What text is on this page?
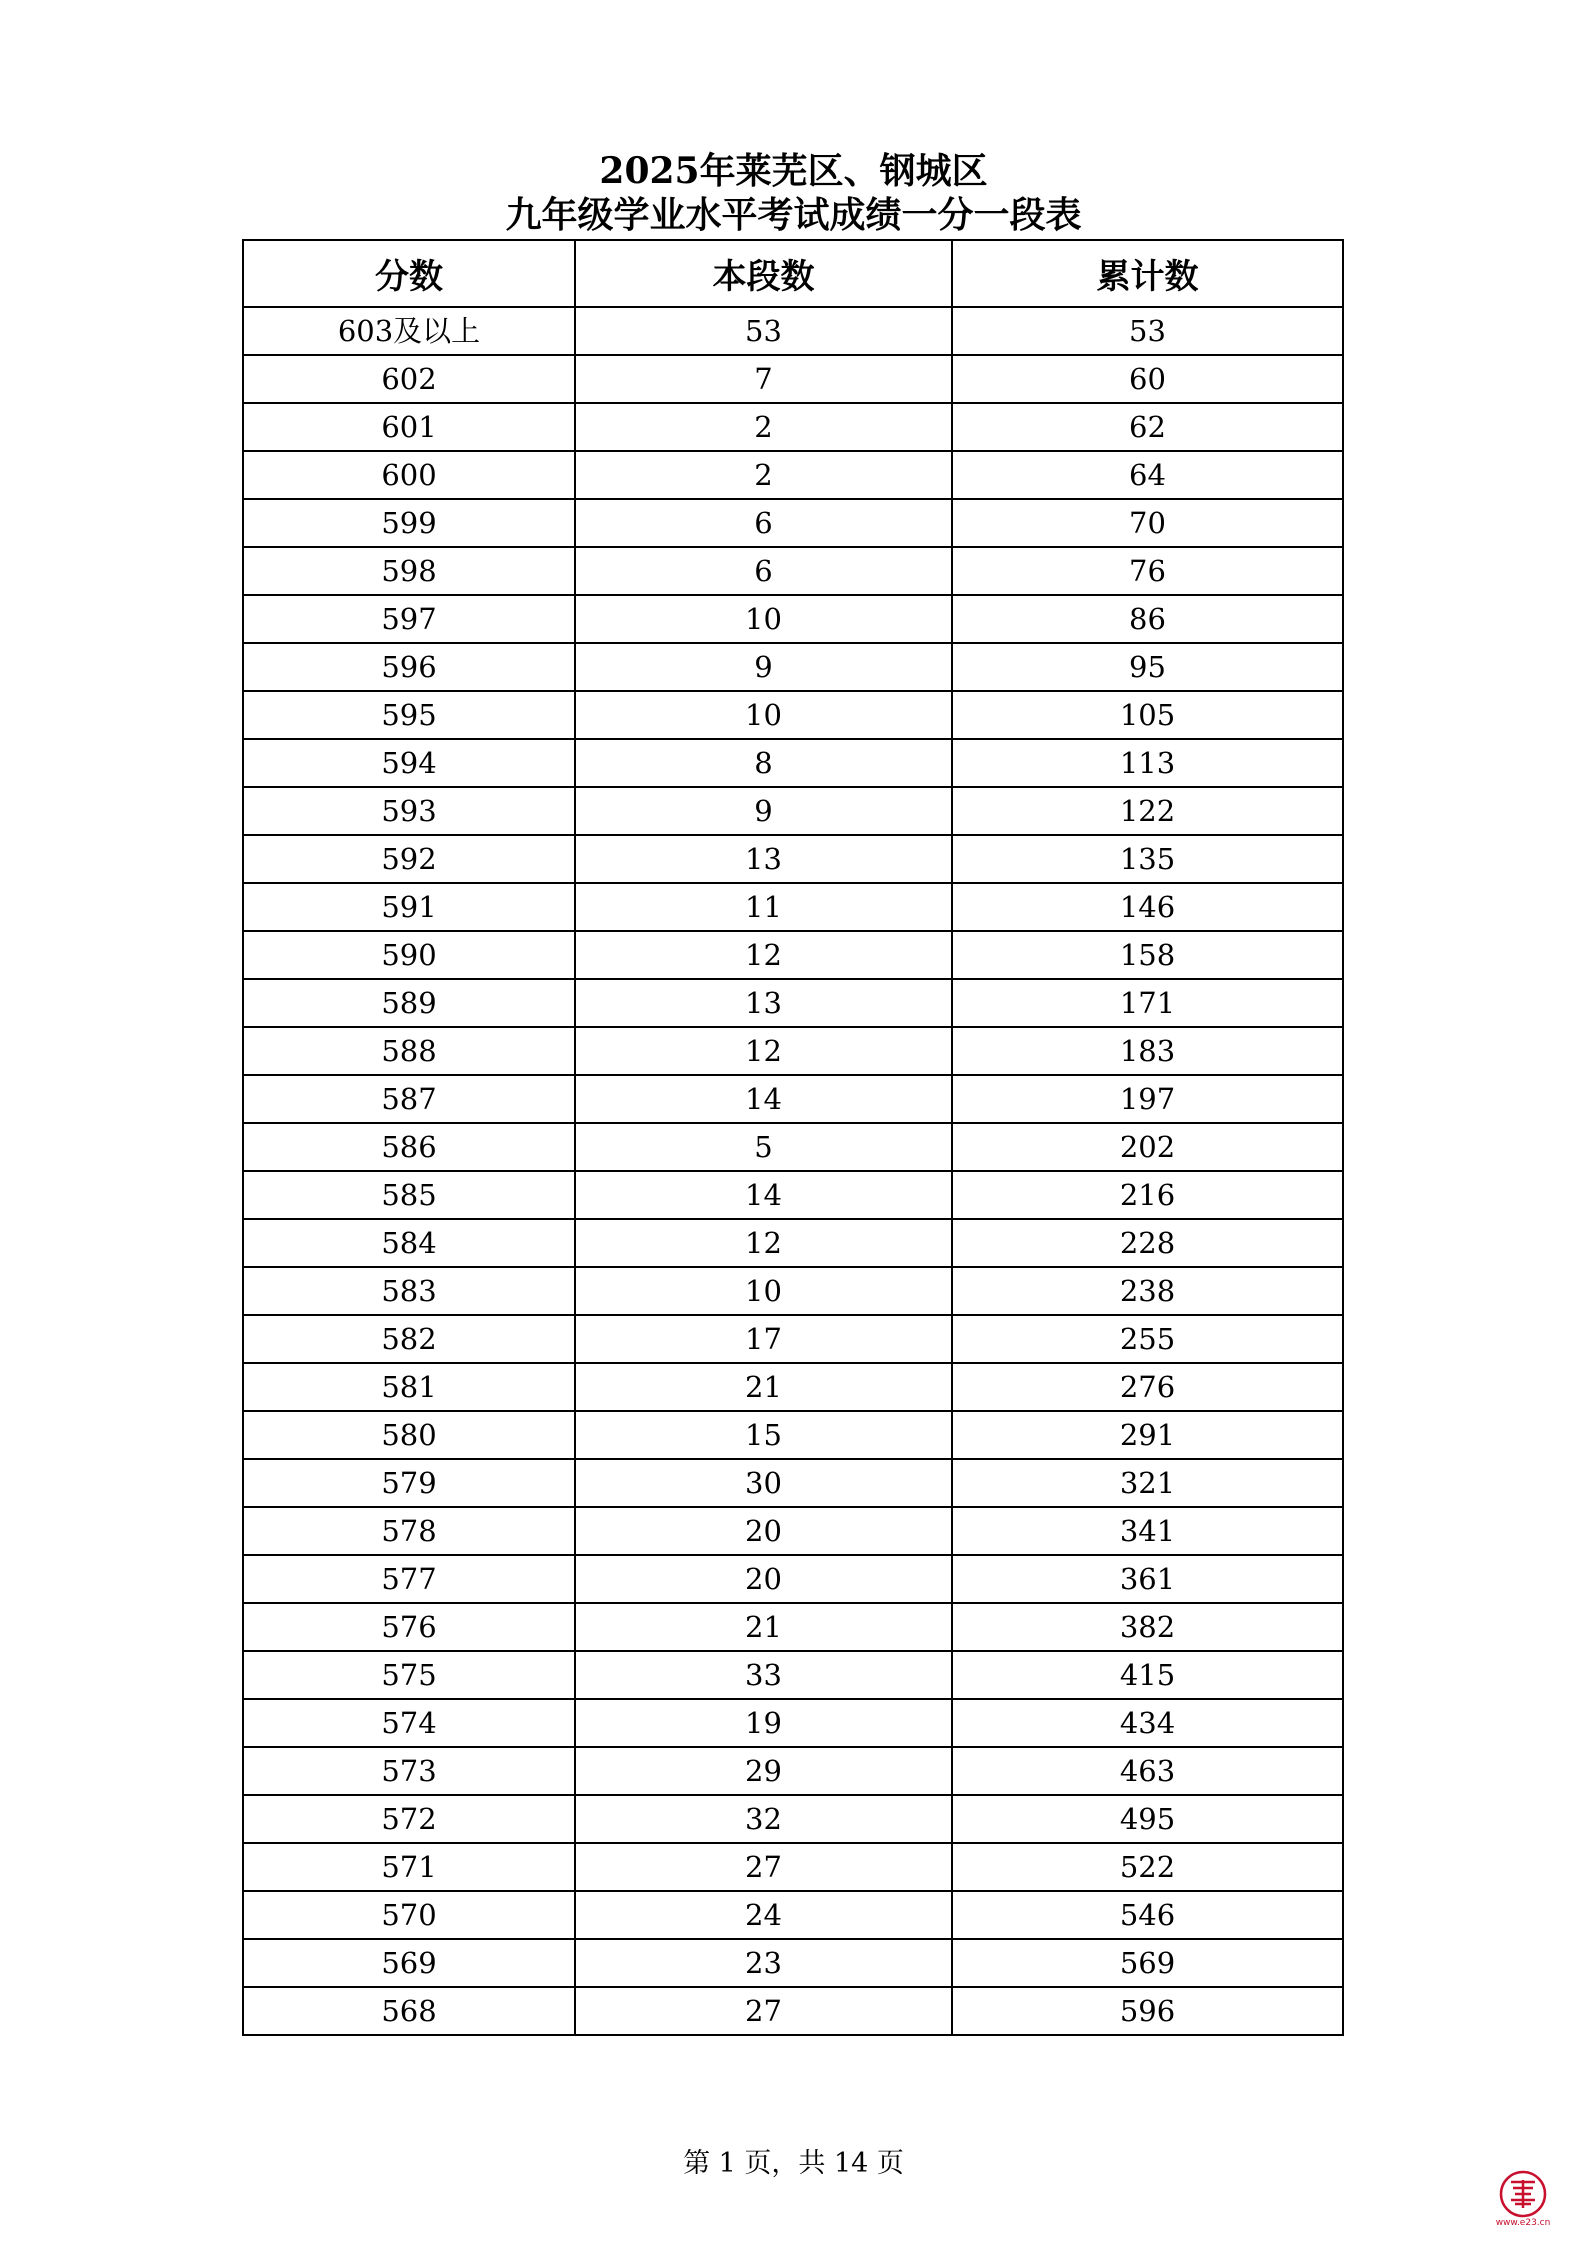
2025年莱芜区、钢城区
九年级学业水平考试成绩一分一段表
分数	本段数	累计数
603及以上	53	53
602	7	60
601	2	62
600	2	64
599	6	70
598	6	76
597	10	86
596	9	95
595	10	105
594	8	113
593	9	122
592	13	135
591	11	146
590	12	158
589	13	171
588	12	183
587	14	197
586	5	202
585	14	216
584	12	228
583	10	238
582	17	255
581	21	276
580	15	291
579	30	321
578	20	341
577	20	361
576	21	382
575	33	415
574	19	434
573	29	463
572	32	495
571	27	522
570	24	546
569	23	569
568	27	596
第 1 页，共 14 页
www.e23.cn
